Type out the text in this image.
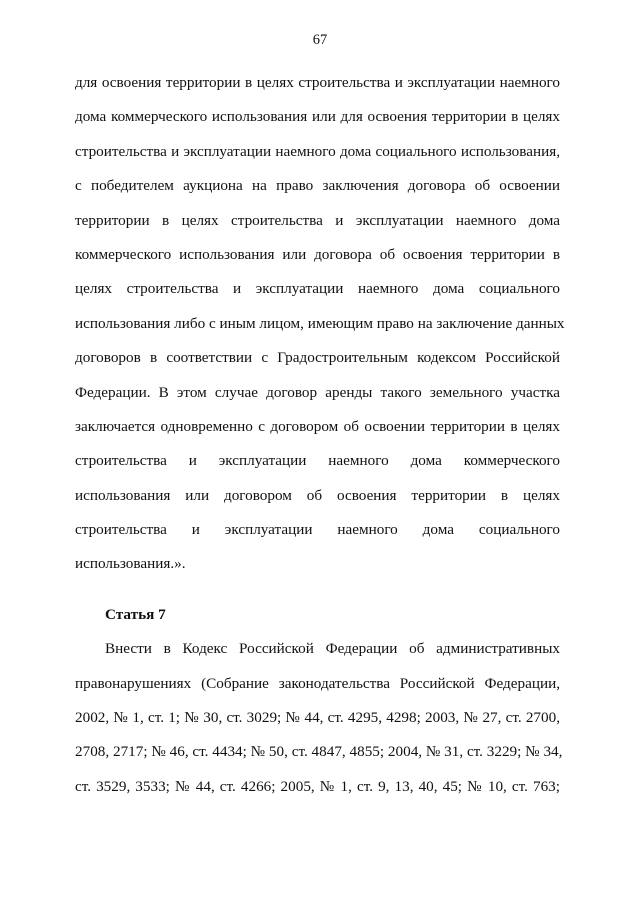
67
для освоения территории в целях строительства и эксплуатации наемного
дома коммерческого использования или для освоения территории в целях
строительства и эксплуатации наемного дома социального использования,
с победителем аукциона на право заключения договора об освоении
территории в целях строительства и эксплуатации наемного дома
коммерческого использования или договора об освоения территории в
целях строительства и эксплуатации наемного дома социального
использования либо с иным лицом, имеющим право на заключение данных
договоров в соответствии с Градостроительным кодексом Российской
Федерации. В этом случае договор аренды такого земельного участка
заключается одновременно с договором об освоении территории в целях
строительства и эксплуатации наемного дома коммерческого
использования или договором об освоения территории в целях
строительства и эксплуатации наемного дома социального
использования.».
Статья 7
Внести в Кодекс Российской Федерации об административных
правонарушениях (Собрание законодательства Российской Федерации,
2002, № 1, ст. 1; № 30, ст. 3029; № 44, ст. 4295, 4298; 2003, № 27, ст. 2700,
2708, 2717; № 46, ст. 4434; № 50, ст. 4847, 4855; 2004, № 31, ст. 3229; № 34,
ст. 3529, 3533; № 44, ст. 4266; 2005, № 1, ст. 9, 13, 40, 45; № 10, ст. 763;
